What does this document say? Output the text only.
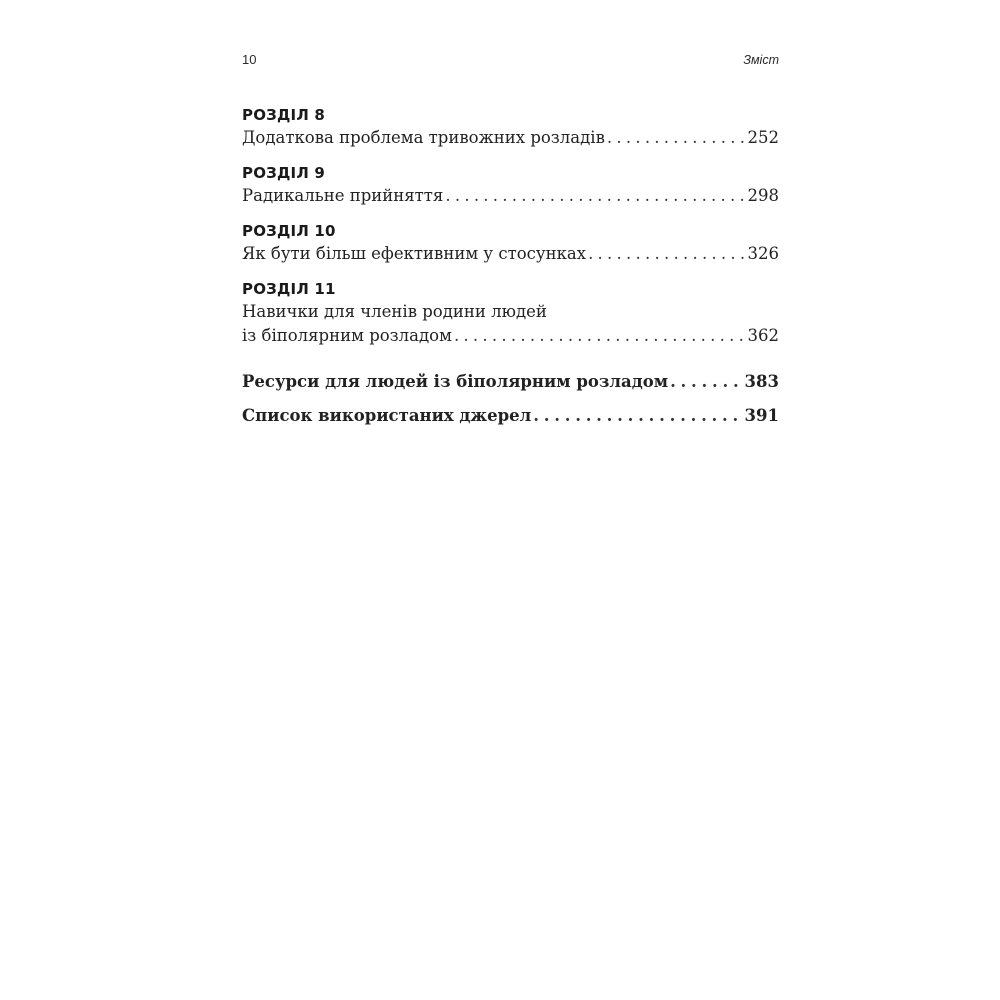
10	Зміст
РОЗДІЛ 8
Додаткова проблема тривожних розладів . . .	252
РОЗДІЛ 9
Радикальне прийняття . . .	298
РОЗДІЛ 10
Як бути більш ефективним у стосунках . . .	326
РОЗДІЛ 11
Навички для членів родини людей
із біполярним розладом . . .	362
Ресурси для людей із біполярним розладом . . .	383
Список використаних джерел . . .	391
